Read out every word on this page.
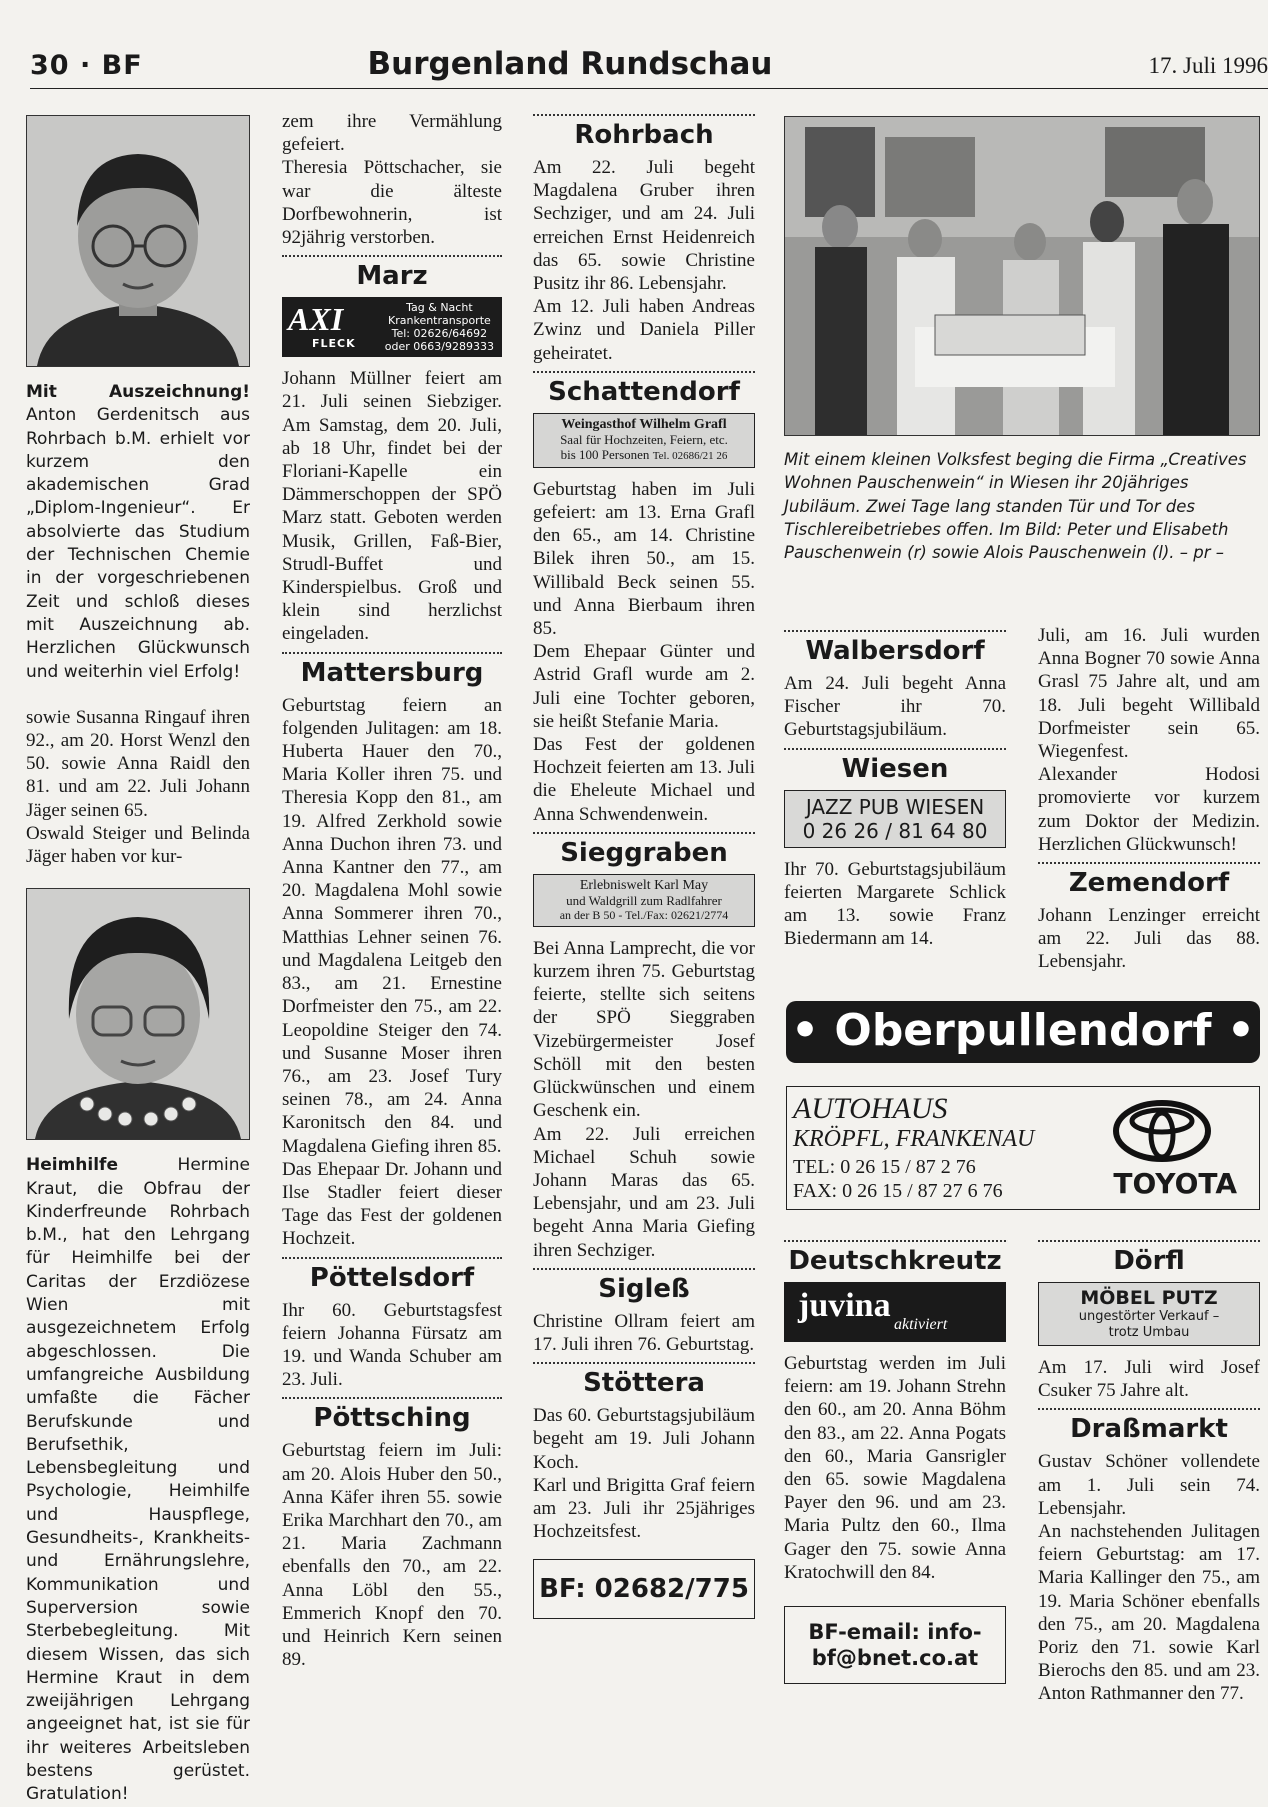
30 · BF	Burgenland Rundschau	17. Juli 1996
Mit Auszeichnung! Anton Gerdenitsch aus Rohrbach b.M. erhielt vor kurzem den akademischen Grad „Diplom-Ingenieur“. Er absolvierte das Studium der Technischen Chemie in der vorgeschriebenen Zeit und schloß dieses mit Auszeichnung ab. Herzlichen Glückwunsch und weiterhin viel Erfolg!

sowie Susanna Ringauf ihren 92., am 20. Horst Wenzl den 50. sowie Anna Raidl den 81. und am 22. Juli Johann Jäger seinen 65.

Oswald Steiger und Belinda Jäger haben vor kur-

Heimhilfe Hermine Kraut, die Obfrau der Kinderfreunde Rohrbach b.M., hat den Lehrgang für Heimhilfe bei der Caritas der Erzdiözese Wien mit ausgezeichnetem Erfolg abgeschlossen. Die umfangreiche Ausbildung umfaßte die Fächer Berufskunde und Berufsethik, Lebensbegleitung und Psychologie, Heimhilfe und Hauspflege, Gesundheits-, Krankheits- und Ernährungslehre, Kommunikation und Superversion sowie Sterbebegleitung. Mit diesem Wissen, das sich Hermine Kraut in dem zweijährigen Lehrgang angeeignet hat, ist sie für ihr weiteres Arbeitsleben bestens gerüstet. Gratulation!

zem ihre Vermählung gefeiert.

Theresia Pöttschacher, sie war die älteste Dorfbewohnerin, ist 92jährig verstorben.

Marz
AXI
FLECK
Tag & Nacht
Krankentransporte
Tel: 02626/64692
oder 0663/9289333

Johann Müllner feiert am 21. Juli seinen Siebziger. Am Samstag, dem 20. Juli, ab 18 Uhr, findet bei der Floriani-Kapelle ein Dämmerschoppen der SPÖ Marz statt. Geboten werden Musik, Grillen, Faß-Bier, Strudl-Buffet und Kinderspielbus. Groß und klein sind herzlichst eingeladen.

Mattersburg

Geburtstag feiern an folgenden Julitagen: am 18. Huberta Hauer den 70., Maria Koller ihren 75. und Theresia Kopp den 81., am 19. Alfred Zerkhold sowie Anna Duchon ihren 73. und Anna Kantner den 77., am 20. Magdalena Mohl sowie Anna Sommerer ihren 70., Matthias Lehner seinen 76. und Magdalena Leitgeb den 83., am 21. Ernestine Dorfmeister den 75., am 22. Leopoldine Steiger den 74. und Susanne Moser ihren 76., am 23. Josef Tury seinen 78., am 24. Anna Karonitsch den 84. und Magdalena Giefing ihren 85.

Das Ehepaar Dr. Johann und Ilse Stadler feiert dieser Tage das Fest der goldenen Hochzeit.

Pöttelsdorf

Ihr 60. Geburtstagsfest feiern Johanna Fürsatz am 19. und Wanda Schuber am 23. Juli.

Pöttsching

Geburtstag feiern im Juli: am 20. Alois Huber den 50., Anna Käfer ihren 55. sowie Erika Marchhart den 70., am 21. Maria Zachmann ebenfalls den 70., am 22. Anna Löbl den 55., Emmerich Knopf den 70. und Heinrich Kern seinen 89.

Rohrbach

Am 22. Juli begeht Magdalena Gruber ihren Sechziger, und am 24. Juli erreichen Ernst Heidenreich das 65. sowie Christine Pusitz ihr 86. Lebensjahr.

Am 12. Juli haben Andreas Zwinz und Daniela Piller geheiratet.

Schattendorf
Weingasthof Wilhelm Grafl
Saal für Hochzeiten, Feiern, etc.
bis 100 Personen Tel. 02686/21 26

Geburtstag haben im Juli gefeiert: am 13. Erna Grafl den 65., am 14. Christine Bilek ihren 50., am 15. Willibald Beck seinen 55. und Anna Bierbaum ihren 85.

Dem Ehepaar Günter und Astrid Grafl wurde am 2. Juli eine Tochter geboren, sie heißt Stefanie Maria.

Das Fest der goldenen Hochzeit feierten am 13. Juli die Eheleute Michael und Anna Schwendenwein.

Sieggraben
Erlebniswelt Karl May
und Waldgrill zum Radlfahrer
an der B 50 - Tel./Fax: 02621/2774

Bei Anna Lamprecht, die vor kurzem ihren 75. Geburtstag feierte, stellte sich seitens der SPÖ Sieggraben Vizebürgermeister Josef Schöll mit den besten Glückwünschen und einem Geschenk ein.

Am 22. Juli erreichen Michael Schuh sowie Johann Maras das 65. Lebensjahr, und am 23. Juli begeht Anna Maria Giefing ihren Sechziger.

Sigleß

Christine Ollram feiert am 17. Juli ihren 76. Geburtstag.

Stöttera

Das 60. Geburtstagsjubiläum begeht am 19. Juli Johann Koch.

Karl und Brigitta Graf feiern am 23. Juli ihr 25jähriges Hochzeitsfest.

BF: 02682/775
Mit einem kleinen Volksfest beging die Firma „Creatives Wohnen Pauschenwein“ in Wiesen ihr 20jähriges Jubiläum. Zwei Tage lang standen Tür und Tor des Tischlereibetriebes offen. Im Bild: Peter und Elisabeth Pauschenwein (r) sowie Alois Pauschenwein (l). – pr –
Walbersdorf

Am 24. Juli begeht Anna Fischer ihr 70. Geburtstagsjubiläum.

Wiesen
JAZZ PUB WIESEN
0 26 26 / 81 64 80

Ihr 70. Geburtstagsjubiläum feierten Margarete Schlick am 13. sowie Franz Biedermann am 14.

Juli, am 16. Juli wurden Anna Bogner 70 sowie Anna Grasl 75 Jahre alt, und am 18. Juli begeht Willibald Dorfmeister sein 65. Wiegenfest.

Alexander Hodosi promovierte vor kurzem zum Doktor der Medizin. Herzlichen Glückwunsch!

Zemendorf

Johann Lenzinger erreicht am 22. Juli das 88. Lebensjahr.

• Oberpullendorf •
AUTOHAUS
KRÖPFL, FRANKENAU
TEL: 0 26 15 / 87 2 76
FAX: 0 26 15 / 87 27 6 76	TOYOTA
Deutschkreutz
juvina
aktiviert

Geburtstag werden im Juli feiern: am 19. Johann Strehn den 60., am 20. Anna Böhm den 83., am 22. Anna Pogats den 60., Maria Gansrigler den 65. sowie Magdalena Payer den 96. und am 23. Maria Pultz den 60., Ilma Gager den 75. sowie Anna Kratochwill den 84.

BF-email: info-
bf@bnet.co.at
Dörfl
MÖBEL PUTZ
ungestörter Verkauf –
trotz Umbau

Am 17. Juli wird Josef Csuker 75 Jahre alt.

Draßmarkt

Gustav Schöner vollendete am 1. Juli sein 74. Lebensjahr.

An nachstehenden Julitagen feiern Geburtstag: am 17. Maria Kallinger den 75., am 19. Maria Schöner ebenfalls den 75., am 20. Magdalena Poriz den 71. sowie Karl Bierochs den 85. und am 23. Anton Rathmanner den 77.
